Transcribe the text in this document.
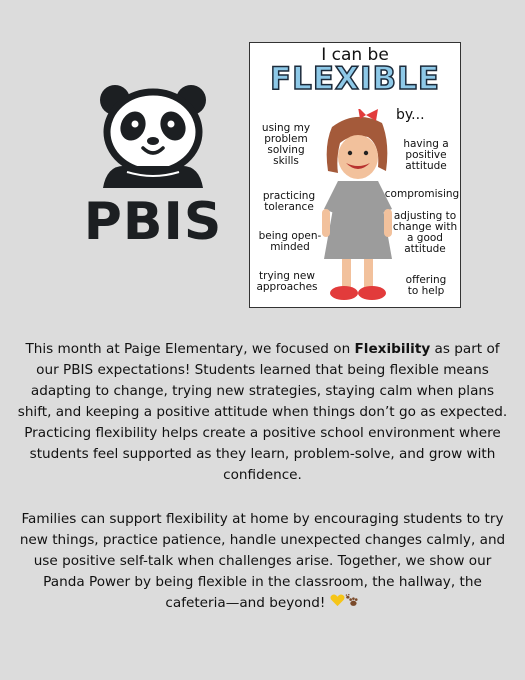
PBIS
I can be
FLEXIBLE
by...
using my problem solving skills
having a positive attitude
practicing tolerance
compromising
being open-minded
adjusting to change with a good attitude
trying new approaches
offering to help
This month at Paige Elementary, we focused on Flexibility as part of our PBIS expectations! Students learned that being flexible means adapting to change, trying new strategies, staying calm when plans shift, and keeping a positive attitude when things don’t go as expected. Practicing flexibility helps create a positive school environment where students feel supported as they learn, problem-solve, and grow with confidence.
Families can support flexibility at home by encouraging students to try new things, practice patience, handle unexpected changes calmly, and use positive self-talk when challenges arise. Together, we show our Panda Power by being flexible in the classroom, the hallway, the cafeteria—and beyond!
